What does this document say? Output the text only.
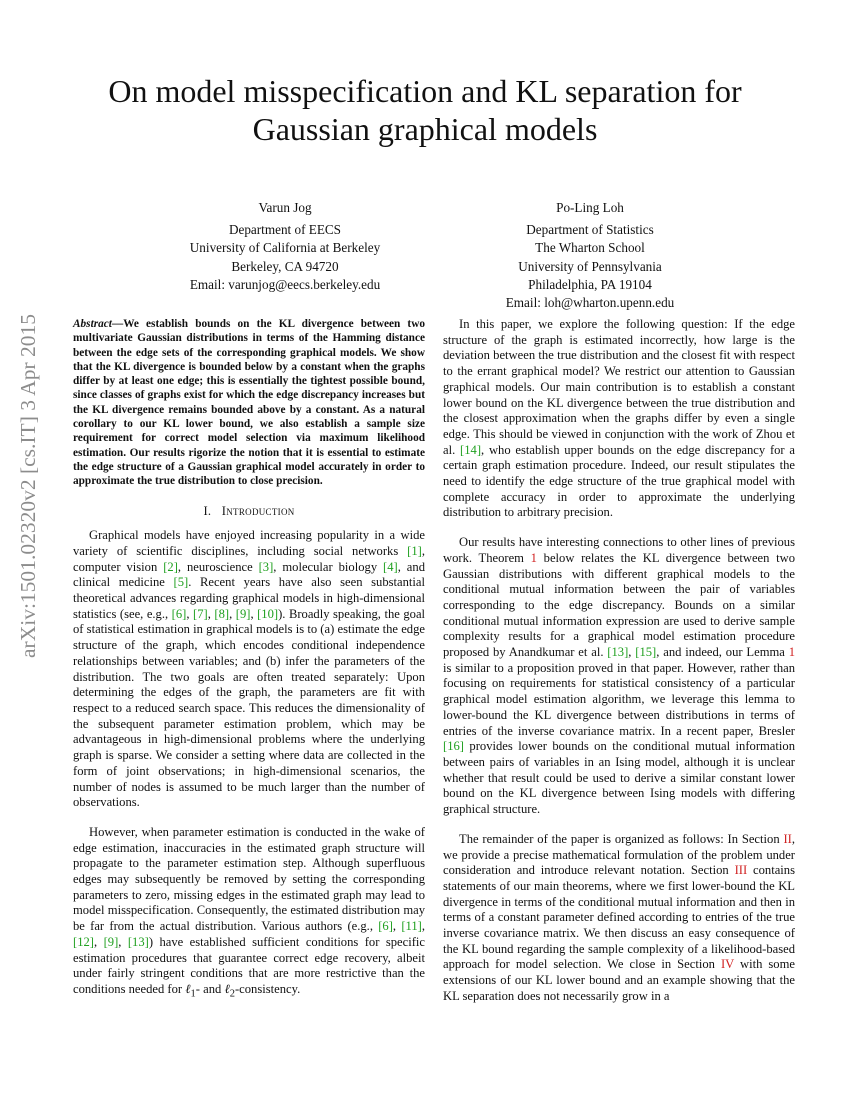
arXiv:1501.02320v2 [cs.IT] 3 Apr 2015
On model misspecification and KL separation for
Gaussian graphical models
Varun Jog
Department of EECS
University of California at Berkeley
Berkeley, CA 94720
Email: varunjog@eecs.berkeley.edu
Po-Ling Loh
Department of Statistics
The Wharton School
University of Pennsylvania
Philadelphia, PA 19104
Email: loh@wharton.upenn.edu
Abstract—We establish bounds on the KL divergence between two multivariate Gaussian distributions in terms of the Hamming distance between the edge sets of the corresponding graphical models. We show that the KL divergence is bounded below by a constant when the graphs differ by at least one edge; this is essentially the tightest possible bound, since classes of graphs exist for which the edge discrepancy increases but the KL divergence remains bounded above by a constant. As a natural corollary to our KL lower bound, we also establish a sample size requirement for correct model selection via maximum likelihood estimation. Our results rigorize the notion that it is essential to estimate the edge structure of a Gaussian graphical model accurately in order to approximate the true distribution to close precision.
I. Introduction

Graphical models have enjoyed increasing popularity in a wide variety of scientific disciplines, including social networks [1], computer vision [2], neuroscience [3], molecular biology [4], and clinical medicine [5]. Recent years have also seen substantial theoretical advances regarding graphical models in high-dimensional statistics (see, e.g., [6], [7], [8], [9], [10]). Broadly speaking, the goal of statistical estimation in graphical models is to (a) estimate the edge structure of the graph, which encodes conditional independence relationships between variables; and (b) infer the parameters of the distribution. The two goals are often treated separately: Upon determining the edges of the graph, the parameters are fit with respect to a reduced search space. This reduces the dimensionality of the subsequent parameter estimation problem, which may be advantageous in high-dimensional problems where the underlying graph is sparse. We consider a setting where data are collected in the form of joint observations; in high-dimensional scenarios, the number of nodes is assumed to be much larger than the number of observations.

However, when parameter estimation is conducted in the wake of edge estimation, inaccuracies in the estimated graph structure will propagate to the parameter estimation step. Although superfluous edges may subsequently be removed by setting the corresponding parameters to zero, missing edges in the estimated graph may lead to model misspecification. Consequently, the estimated distribution may be far from the actual distribution. Various authors (e.g., [6], [11], [12], [9], [13]) have established sufficient conditions for specific estimation procedures that guarantee correct edge recovery, albeit under fairly stringent conditions that are more restrictive than the conditions needed for ℓ$_1$- and ℓ$_2$-consistency.

In this paper, we explore the following question: If the edge structure of the graph is estimated incorrectly, how large is the deviation between the true distribution and the closest fit with respect to the errant graphical model? We restrict our attention to Gaussian graphical models. Our main contribution is to establish a constant lower bound on the KL divergence between the true distribution and the closest approximation when the graphs differ by even a single edge. This should be viewed in conjunction with the work of Zhou et al. [14], who establish upper bounds on the edge discrepancy for a certain graph estimation procedure. Indeed, our result stipulates the need to identify the edge structure of the true graphical model with complete accuracy in order to approximate the underlying distribution to arbitrary precision.

Our results have interesting connections to other lines of previous work. Theorem 1 below relates the KL divergence between two Gaussian distributions with different graphical models to the conditional mutual information between the pair of variables corresponding to the edge discrepancy. Bounds on a similar conditional mutual information expression are used to derive sample complexity results for a graphical model estimation procedure proposed by Anandkumar et al. [13], [15], and indeed, our Lemma 1 is similar to a proposition proved in that paper. However, rather than focusing on requirements for statistical consistency of a particular graphical model estimation algorithm, we leverage this lemma to lower-bound the KL divergence between distributions in terms of entries of the inverse covariance matrix. In a recent paper, Bresler [16] provides lower bounds on the conditional mutual information between pairs of variables in an Ising model, although it is unclear whether that result could be used to derive a similar constant lower bound on the KL divergence between Ising models with differing graphical structure.

The remainder of the paper is organized as follows: In Section II, we provide a precise mathematical formulation of the problem under consideration and introduce relevant notation. Section III contains statements of our main theorems, where we first lower-bound the KL divergence in terms of the conditional mutual information and then in terms of a constant parameter defined according to entries of the true inverse covariance matrix. We then discuss an easy consequence of the KL bound regarding the sample complexity of a likelihood-based approach for model selection. We close in Section IV with some extensions of our KL lower bound and an example showing that the KL separation does not necessarily grow in a
